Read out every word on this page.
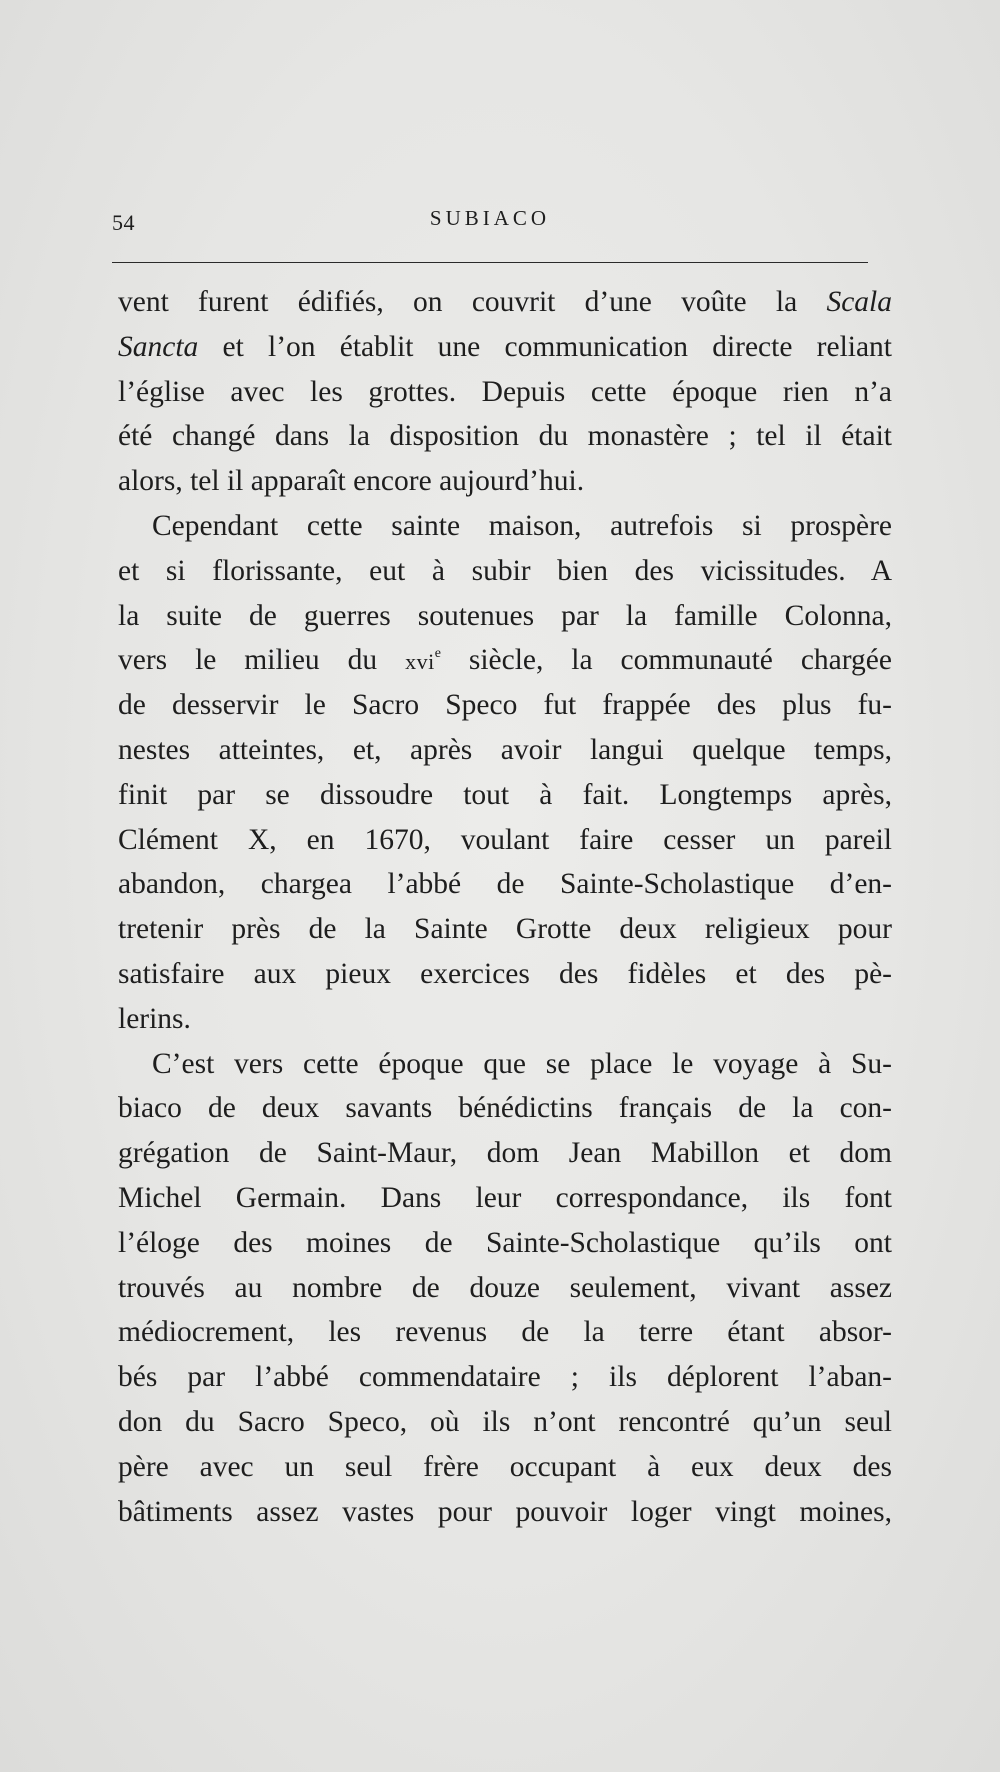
54	SUBIACO
vent furent édifiés, on couvrit d’une voûte la Scala
Sancta et l’on établit une communication directe reliant
l’église avec les grottes. Depuis cette époque rien n’a
été changé dans la disposition du monastère ; tel il était
alors, tel il apparaît encore aujourd’hui.
Cependant cette sainte maison, autrefois si prospère
et si florissante, eut à subir bien des vicissitudes. A
la suite de guerres soutenues par la famille Colonna,
vers le milieu du xvi$^e$ siècle, la communauté chargée
de desservir le Sacro Speco fut frappée des plus fu-
nestes atteintes, et, après avoir langui quelque temps,
finit par se dissoudre tout à fait. Longtemps après,
Clément X, en 1670, voulant faire cesser un pareil
abandon, chargea l’abbé de Sainte-Scholastique d’en-
tretenir près de la Sainte Grotte deux religieux pour
satisfaire aux pieux exercices des fidèles et des pè-
lerins.
C’est vers cette époque que se place le voyage à Su-
biaco de deux savants bénédictins français de la con-
grégation de Saint-Maur, dom Jean Mabillon et dom
Michel Germain. Dans leur correspondance, ils font
l’éloge des moines de Sainte-Scholastique qu’ils ont
trouvés au nombre de douze seulement, vivant assez
médiocrement, les revenus de la terre étant absor-
bés par l’abbé commendataire ; ils déplorent l’aban-
don du Sacro Speco, où ils n’ont rencontré qu’un seul
père avec un seul frère occupant à eux deux des
bâtiments assez vastes pour pouvoir loger vingt moines,
